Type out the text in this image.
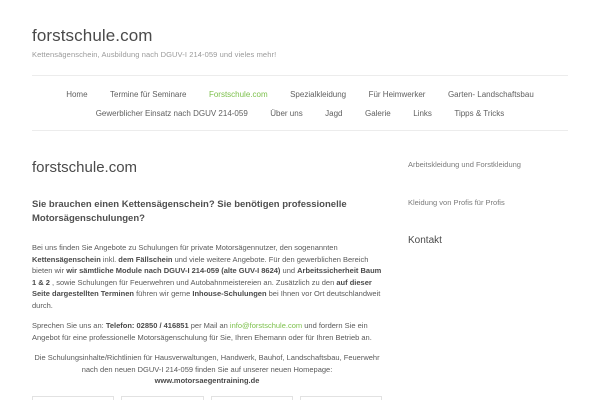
forstschule.com
Kettensägenschein, Ausbildung nach DGUV-I 214-059 und vieles mehr!
Home	Termine für Seminare	Forstschule.com	Spezialkleidung	Für Heimwerker	Garten- Landschaftsbau
Gewerblicher Einsatz nach DGUV 214-059	Über uns	Jagd	Galerie	Links	Tipps & Tricks
forstschule.com

Sie brauchen einen Kettensägenschein? Sie benötigen professionelle Motorsägenschulungen?

Bei uns finden Sie Angebote zu Schulungen für private Motorsägennutzer, den sogenannten Kettensägenschein inkl. dem Fällschein und viele weitere Angebote. Für den gewerblichen Bereich bieten wir wir sämtliche Module nach DGUV-I 214-059 (alte GUV-I 8624) und Arbeitssicherheit Baum 1 & 2 , sowie Schulungen für Feuerwehren und Autobahnmeistereien an. Zusätzlich zu den auf dieser Seite dargestellten Terminen führen wir gerne Inhouse-Schulungen bei Ihnen vor Ort deutschlandweit durch.

Sprechen Sie uns an: Telefon: 02850 / 416851 per Mail an info@forstschule.com und fordern Sie ein Angebot für eine professionelle Motorsägenschulung für Sie, Ihren Ehemann oder für Ihren Betrieb an.

Die Schulungsinhalte/Richtlinien für Hausverwaltungen, Handwerk, Bauhof, Landschaftsbau, Feuerwehr nach den neuen DGUV-I 214-059 finden Sie auf unserer neuen Homepage: www.motorsaegentraining.de

Arbeitskleidung und Forstkleidung
Kleidung von Profis für Profis
Kontakt
